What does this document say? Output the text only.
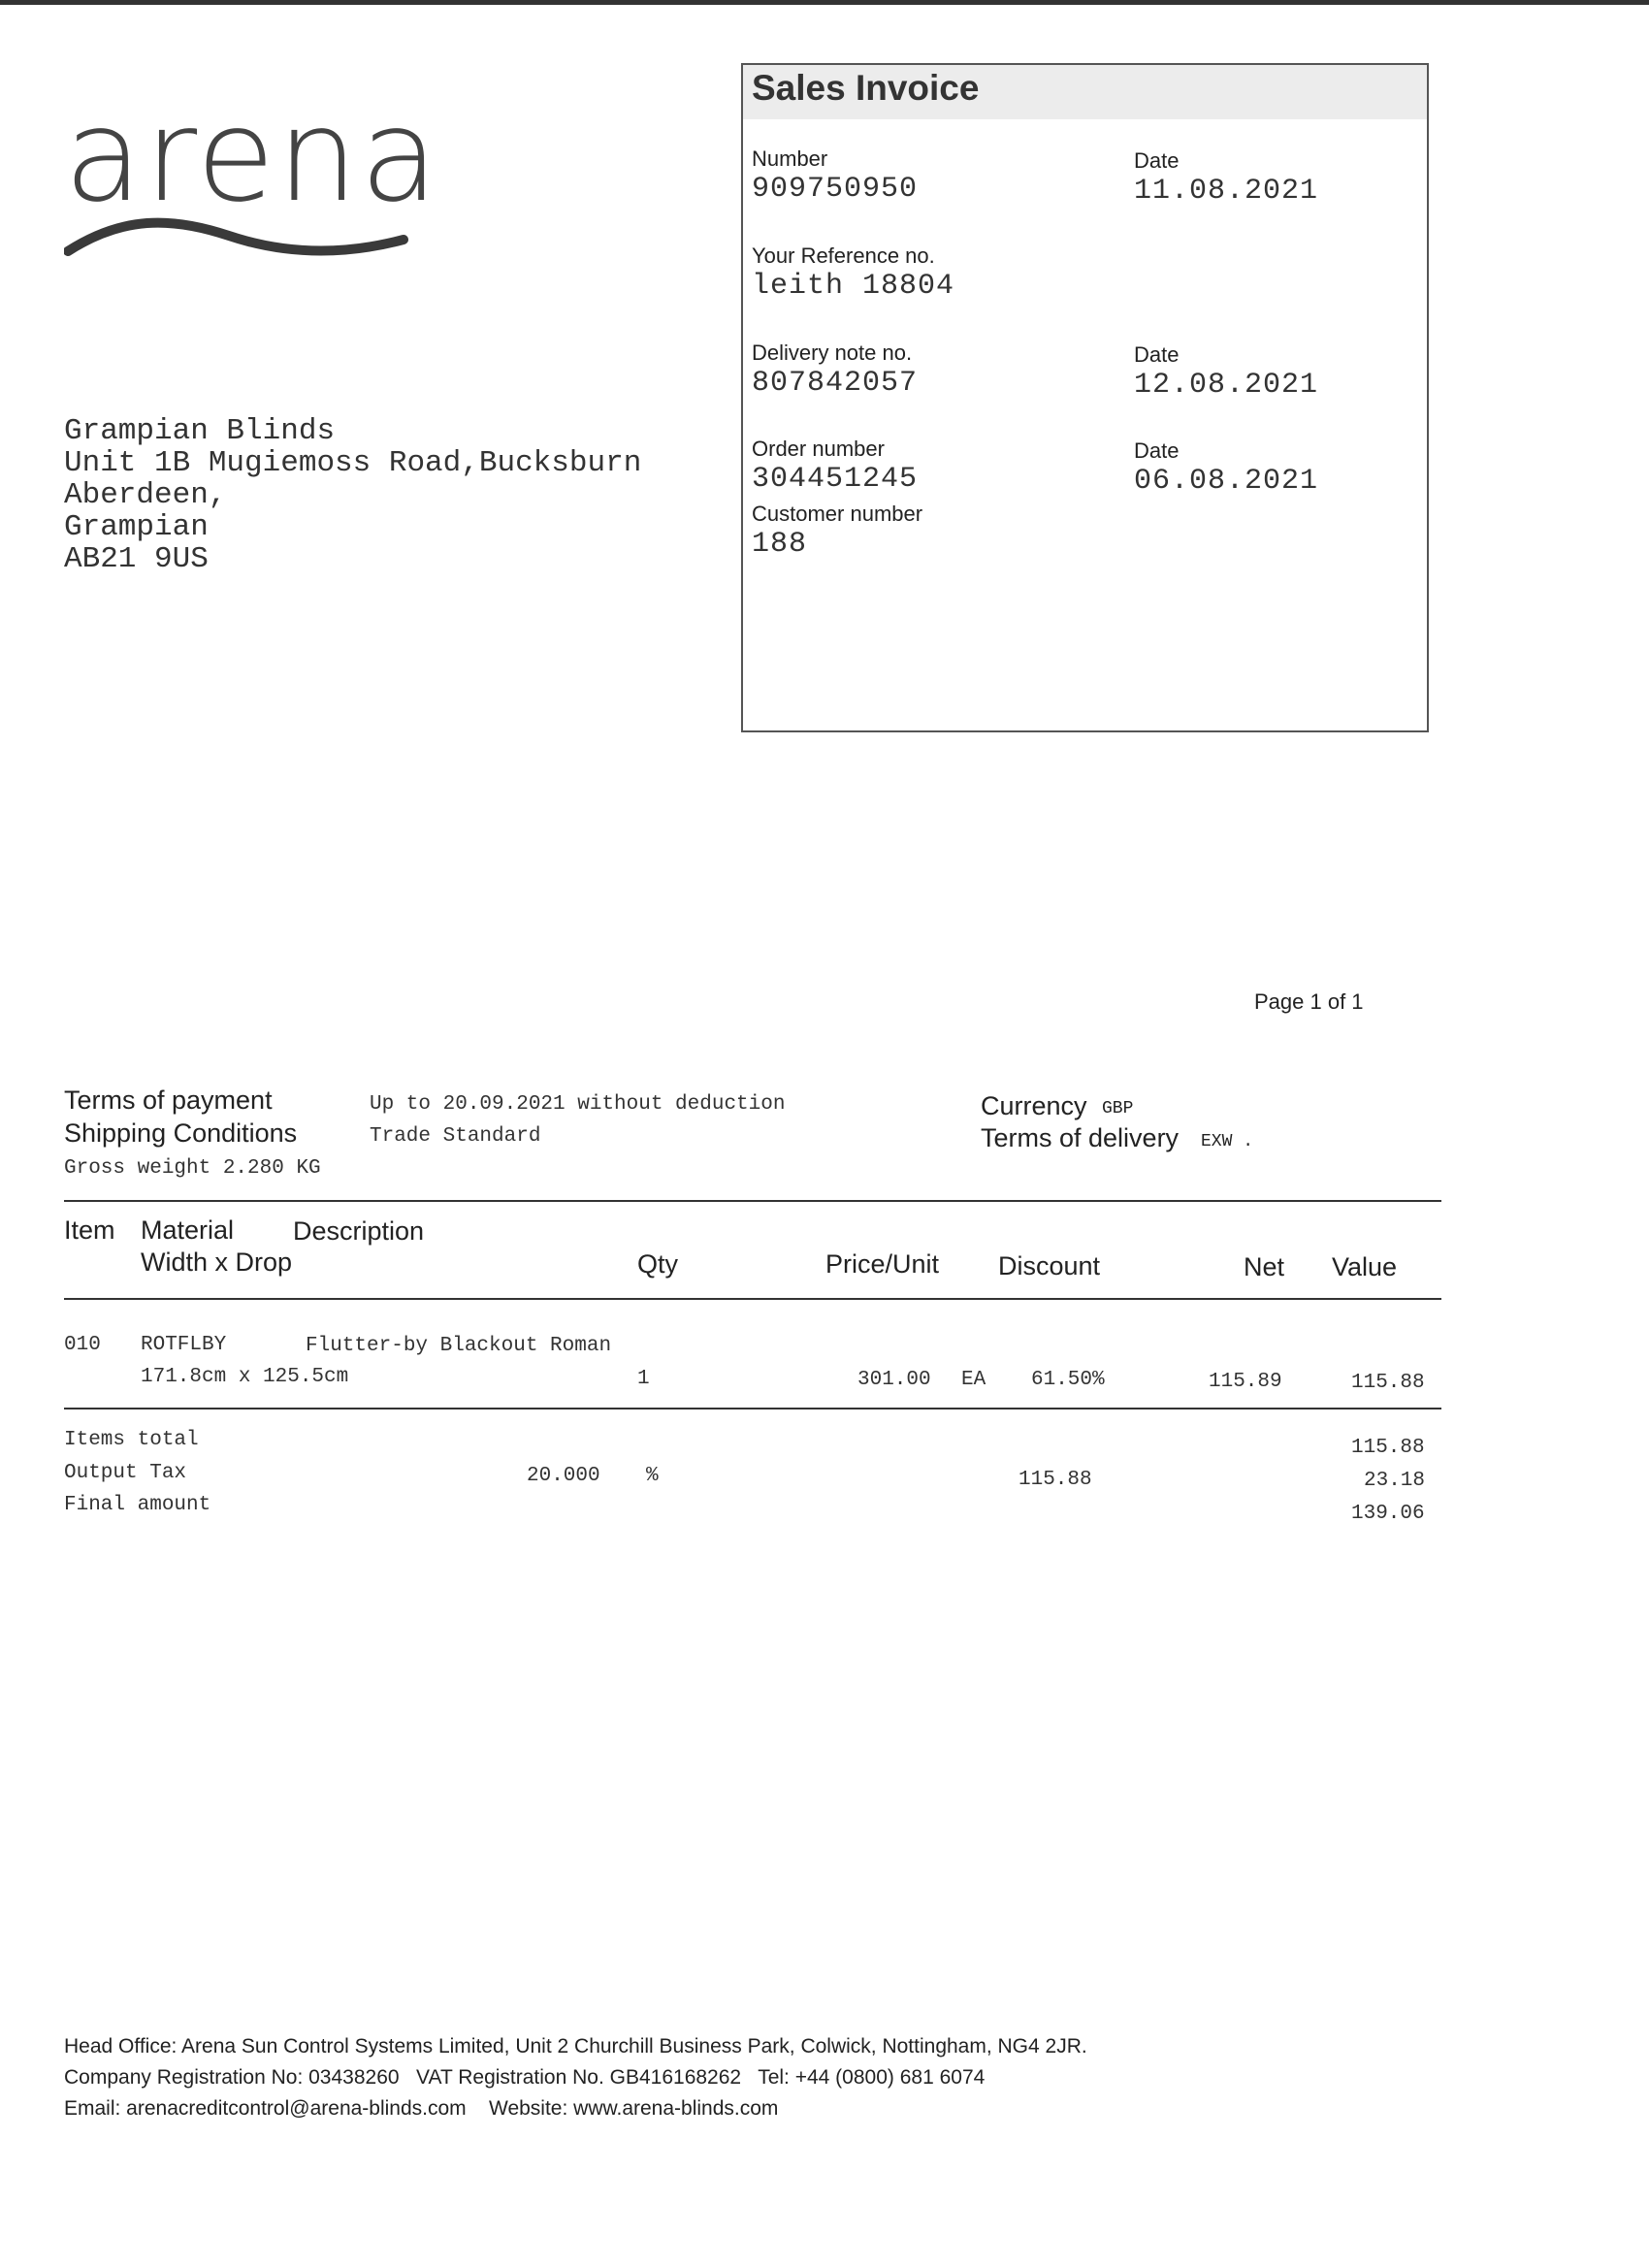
arena	Sales Invoice
Number
909750950
Date
11.08.2021
Your Reference no.
leith 18804
Delivery note no.
807842057
Date
12.08.2021
Order number
304451245
Date
06.08.2021
Customer number
188
Grampian Blinds
Unit 1B Mugiemoss Road,Bucksburn
Aberdeen,
Grampian
AB21 9US
Page 1 of 1
Terms of payment	Up to 20.09.2021 without deduction
Shipping Conditions	Trade Standard
Gross weight 2.280 KG
Currency GBP
Terms of delivery EXW .
Item Material Description
Width x Drop	Qty	Price/Unit Discount	Net Value
010 ROTFLBY	Flutter-by Blackout Roman
171.8cm x 125.5cm	1	301.00 EA 61.50%	115.89	115.88
Items total	115.88
Output Tax	20.000 %	115.88	23.18
Final amount	139.06
Head Office: Arena Sun Control Systems Limited, Unit 2 Churchill Business Park, Colwick, Nottingham, NG4 2JR.
Company Registration No: 03438260   VAT Registration No. GB416168262   Tel: +44 (0800) 681 6074
Email: arenacreditcontrol@arena-blinds.com    Website: www.arena-blinds.com
